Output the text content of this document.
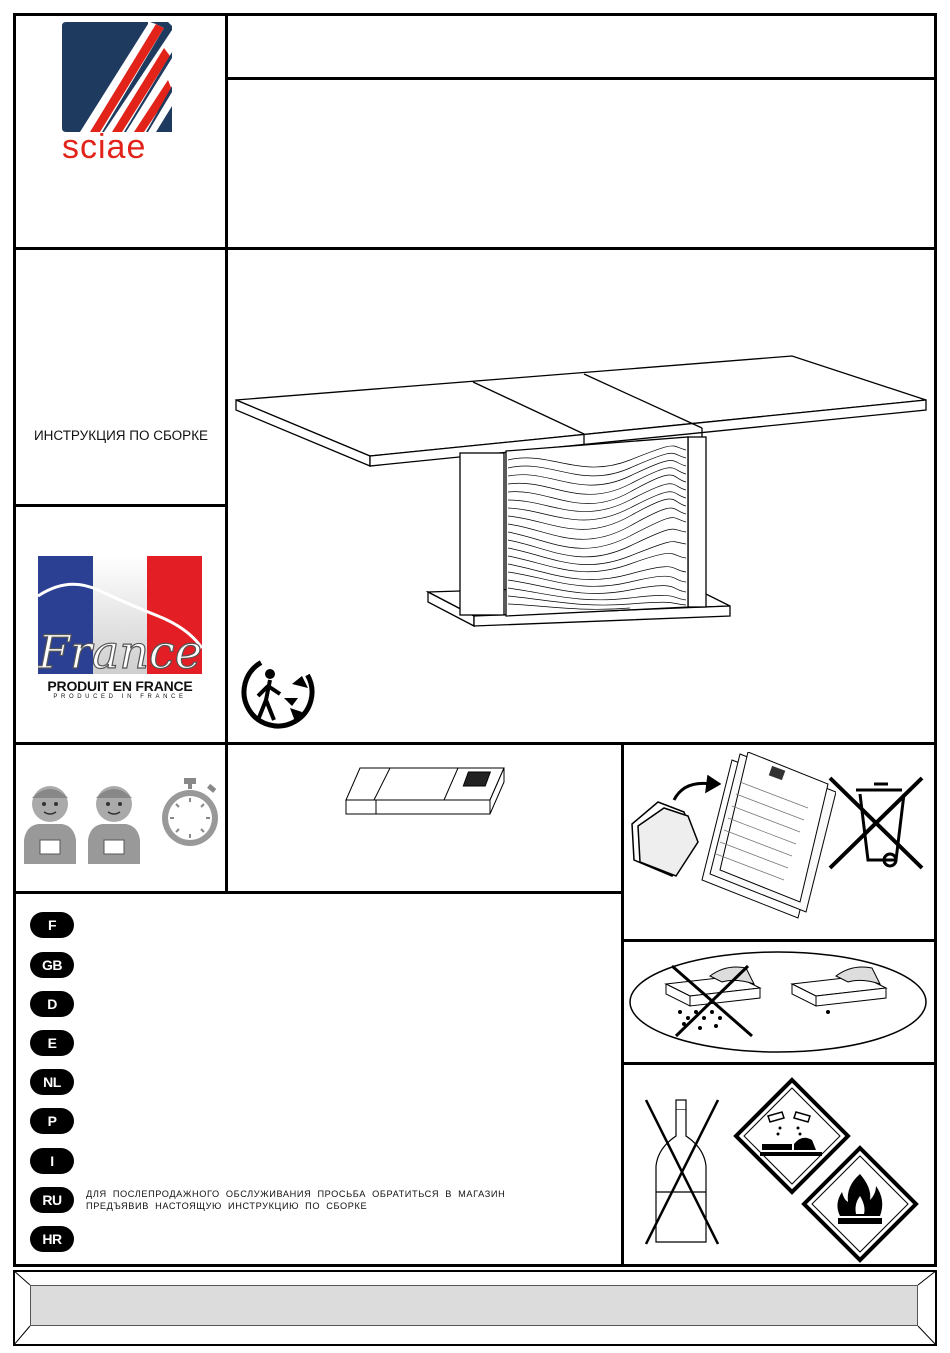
sciae
ИНСТРУКЦИЯ ПО СБОРКЕ
France
PRODUIT EN FRANCE
PRODUCED IN FRANCE
F
GB
D
E
NL
P
I
RU	ДЛЯ ПОСЛЕПРОДАЖНОГО ОБСЛУЖИВАНИЯ ПРОСЬБА ОБРАТИТЬСЯ В МАГАЗИН
ПРЕДЪЯВИВ НАСТОЯЩУЮ ИНСТРУКЦИЮ ПО СБОРКЕ
HR
